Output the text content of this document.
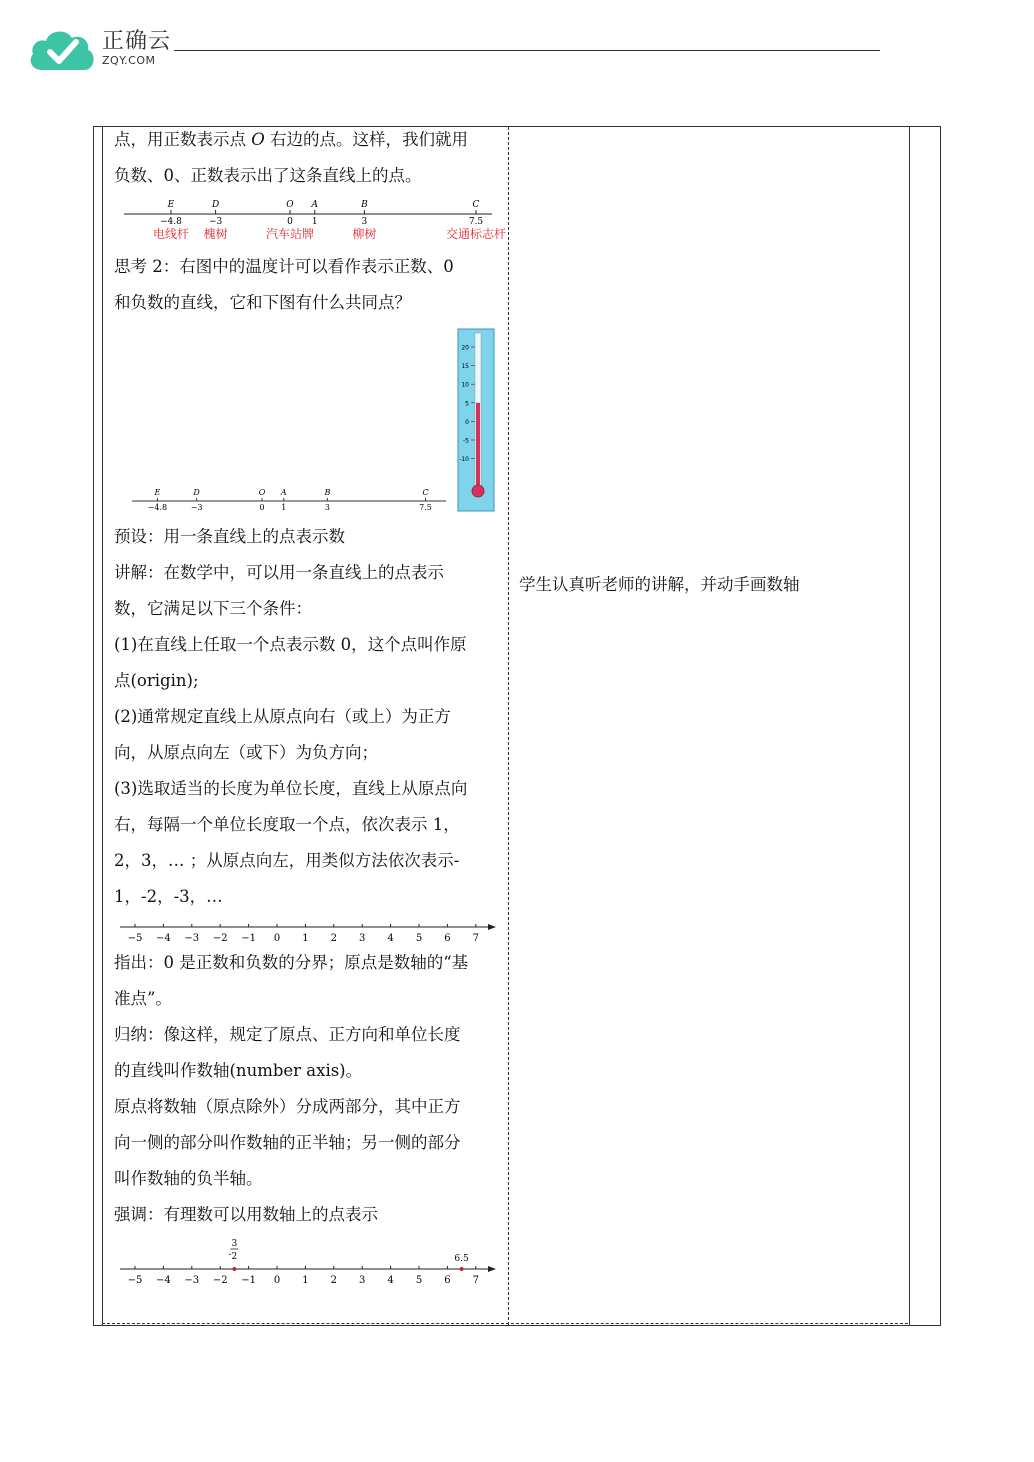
正确云
ZQY.COM

点，用正数表示点 O 右边的点。这样，我们就用

负数、0、正数表示出了这条直线上的点。

E
−4.8
电线杆
D
−3
槐树
O
0
汽车站牌
A
1
B
3
柳树
C
7.5
交通标志杆

思考 2：右图中的温度计可以看作表示正数、0

和负数的直线，它和下图有什么共同点？

E
−4.8
D
−3
O
0
A
1
B
3
C
7.5
20
15
10
5
0
-5
-10

预设：用一条直线上的点表示数

讲解：在数学中，可以用一条直线上的点表示

数，它满足以下三个条件：

(1)在直线上任取一个点表示数 0，这个点叫作原

点(origin);

(2)通常规定直线上从原点向右（或上）为正方

向，从原点向左（或下）为负方向；

(3)选取适当的长度为单位长度，直线上从原点向

右，每隔一个单位长度取一个点，依次表示 1，

2，3，… ；从原点向左，用类似方法依次表示-

1，-2，-3，…

−5 −4 −3 −2 −1 0 1 2 3 4 5 6 7

指出：0 是正数和负数的分界；原点是数轴的“基

准点”。

归纳：像这样，规定了原点、正方向和单位长度

的直线叫作数轴(number axis)。

原点将数轴（原点除外）分成两部分，其中正方

向一侧的部分叫作数轴的正半轴；另一侧的部分

叫作数轴的负半轴。

强调：有理数可以用数轴上的点表示

−5 −4 −3 −2 −1 0 1 2 3 4 5 6 7
-
3
2	6.5

学生认真听老师的讲解，并动手画数轴
